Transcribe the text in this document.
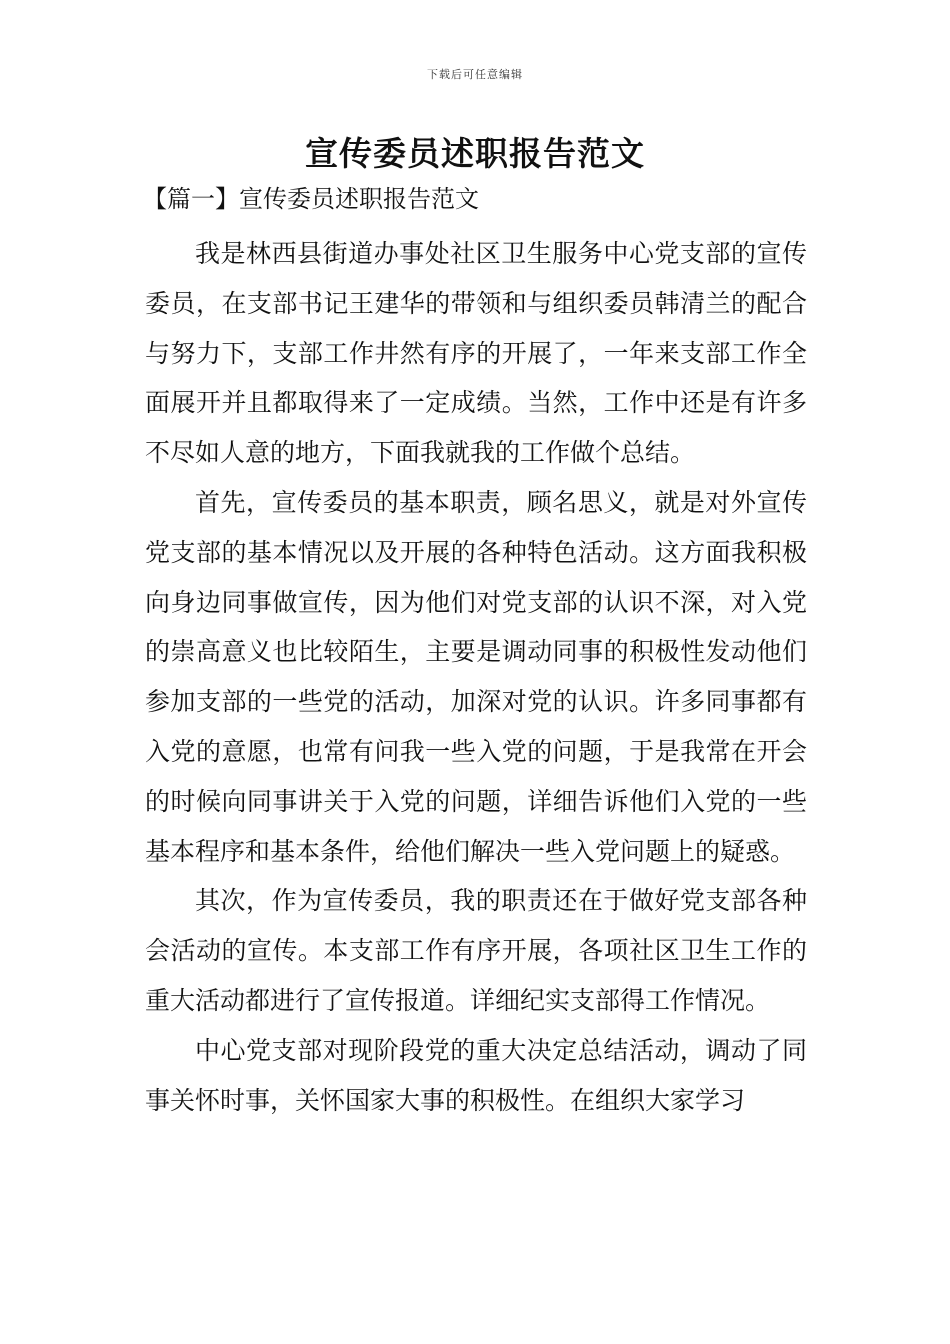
下载后可任意编辑
宣传委员述职报告范文
【篇一】宣传委员述职报告范文

我是林西县街道办事处社区卫生服务中心党支部的宣传委员，在支部书记王建华的带领和与组织委员韩清兰的配合与努力下，支部工作井然有序的开展了，一年来支部工作全面展开并且都取得来了一定成绩。当然，工作中还是有许多不尽如人意的地方，下面我就我的工作做个总结。

首先，宣传委员的基本职责，顾名思义，就是对外宣传党支部的基本情况以及开展的各种特色活动。这方面我积极向身边同事做宣传，因为他们对党支部的认识不深，对入党的崇高意义也比较陌生，主要是调动同事的积极性发动他们参加支部的一些党的活动，加深对党的认识。许多同事都有入党的意愿，也常有问我一些入党的问题，于是我常在开会的时候向同事讲关于入党的问题，详细告诉他们入党的一些基本程序和基本条件，给他们解决一些入党问题上的疑惑。

其次，作为宣传委员，我的职责还在于做好党支部各种会活动的宣传。本支部工作有序开展，各项社区卫生工作的重大活动都进行了宣传报道。详细纪实支部得工作情况。

中心党支部对现阶段党的重大决定总结活动，调动了同事关怀时事，关怀国家大事的积极性。在组织大家学习
